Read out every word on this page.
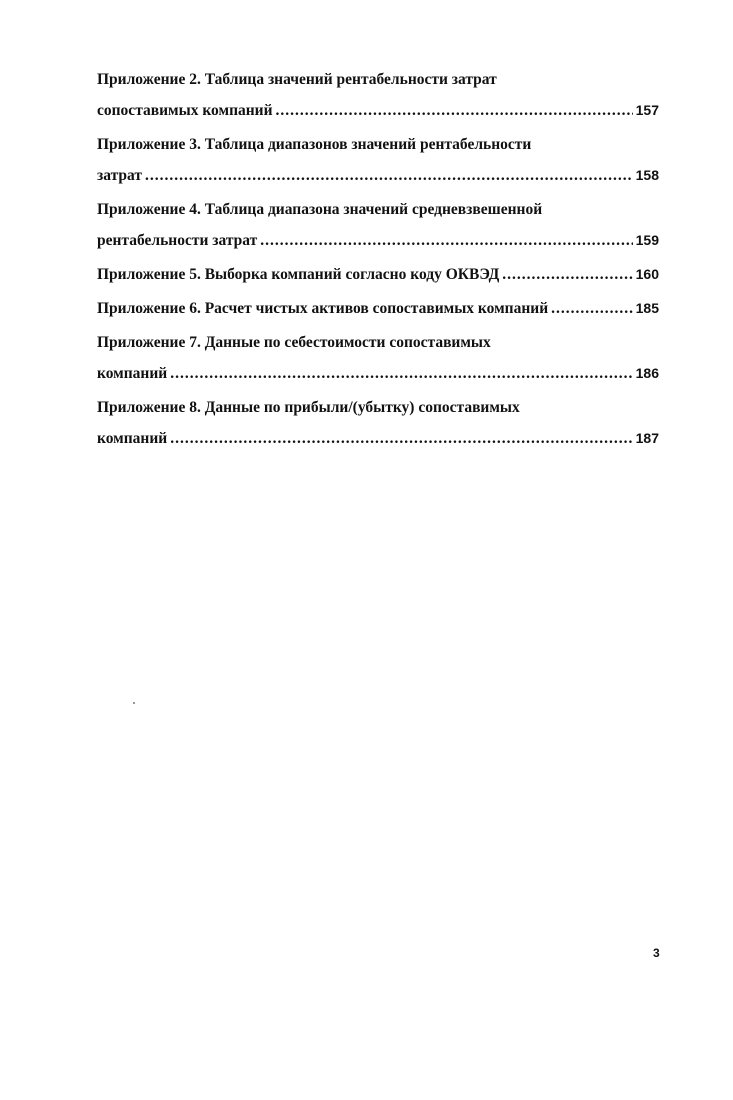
Приложение 2. Таблица значений рентабельности затрат
сопоставимых компаний .....	157
Приложение 3. Таблица диапазонов значений рентабельности
затрат .....	158
Приложение 4. Таблица диапазона значений средневзвешенной
рентабельности затрат .....	159
Приложение 5. Выборка компаний согласно коду ОКВЭД .....	160
Приложение 6. Расчет чистых активов сопоставимых компаний .....	185
Приложение 7. Данные по себестоимости сопоставимых
компаний .....	186
Приложение 8. Данные по прибыли/(убытку) сопоставимых
компаний .....	187
3
